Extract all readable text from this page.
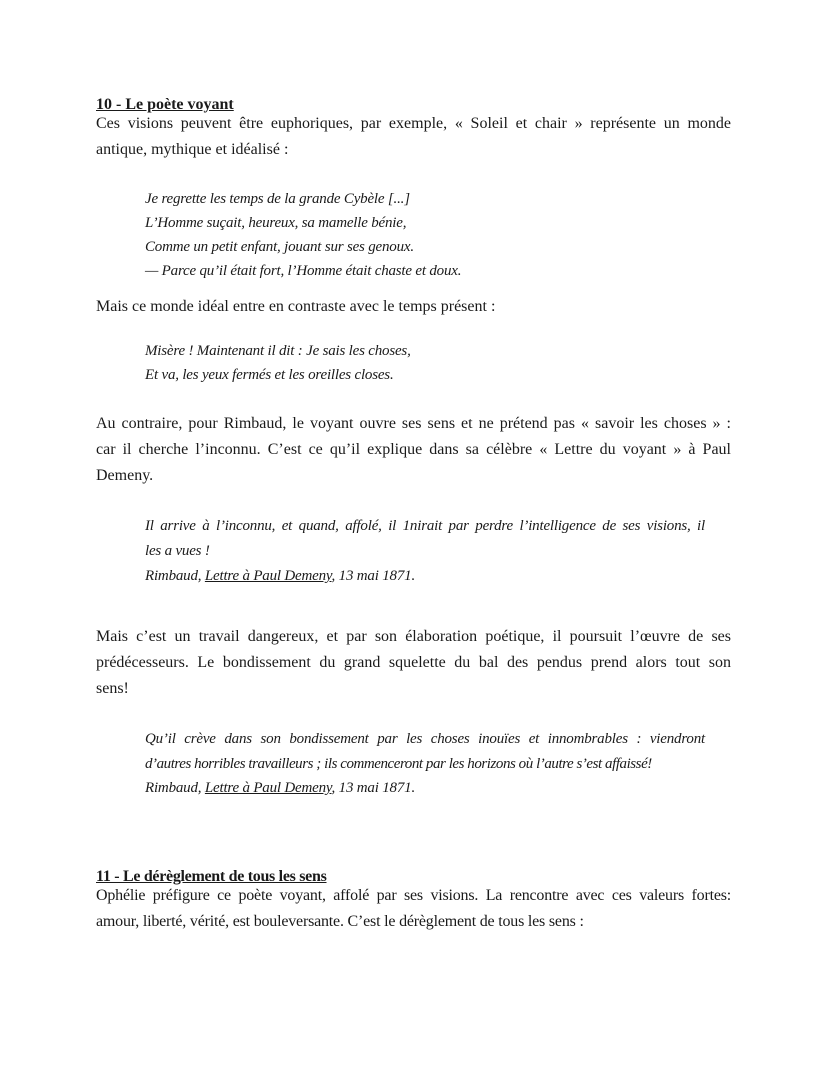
10 - Le poète voyant
Ces visions peuvent être euphoriques, par exemple, « Soleil et chair » représente un monde
antique, mythique et idéalisé :
Je regrette les temps de la grande Cybèle [...]
L’Homme suçait, heureux, sa mamelle bénie,
Comme un petit enfant, jouant sur ses genoux.
— Parce qu’il était fort, l’Homme était chaste et doux.
Mais ce monde idéal entre en contraste avec le temps présent :
Misère ! Maintenant il dit : Je sais les choses,
Et va, les yeux fermés et les oreilles closes.
Au contraire, pour Rimbaud, le voyant ouvre ses sens et ne prétend pas « savoir les choses » :
car il cherche l’inconnu. C’est ce qu’il explique dans sa célèbre « Lettre du voyant » à Paul
Demeny.
Il arrive à l’inconnu, et quand, affolé, il 1nirait par perdre l’intelligence de ses visions, il
les a vues !
Rimbaud, Lettre à Paul Demeny, 13 mai 1871.
Mais c’est un travail dangereux, et par son élaboration poétique, il poursuit l’œuvre de ses
prédécesseurs. Le bondissement du grand squelette du bal des pendus prend alors tout son
sens!
Qu’il crève dans son bondissement par les choses inouïes et innombrables : viendront
d’autres horribles travailleurs ; ils commenceront par les horizons où l’autre s’est affaissé!
Rimbaud, Lettre à Paul Demeny, 13 mai 1871.
11 - Le dérèglement de tous les sens
Ophélie préfigure ce poète voyant, affolé par ses visions. La rencontre avec ces valeurs fortes:
amour, liberté, vérité, est bouleversante. C’est le dérèglement de tous les sens :
